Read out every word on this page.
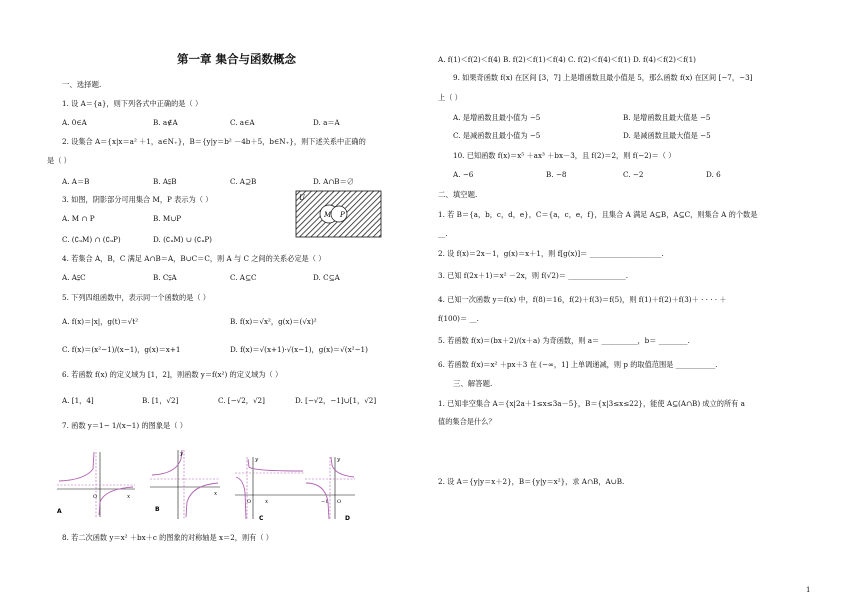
第一章 集合与函数概念
一、选择题.
1. 设 A＝{a}，则下列各式中正确的是（ ）
A. 0∈A	B. a∉A	C. a∈A	D. a＝A
2. 设集合 A＝{x|x＝a² ＋1，a∈N₊}，B＝{y|y＝b² －4b＋5，b∈N₊}，则下述关系中正确的
是（ ）
A. A＝B	B. A⫋B	C. A⊇B	D. A∩B＝∅
3. 如图，阴影部分可用集合 M，P 表示为（ ）
A. M ∩ P	B. M∪P
C. (∁ᵤM) ∩ (∁ᵤP)	D. (∁ᵤM) ∪ (∁ᵤP)
4. 若集合 A，B，C 满足 A∩B＝A，B∪C＝C，则 A 与 C 之间的关系必定是（ ）
A. A⫋C	B. C⫋A	C. A⊆C	D. C⊆A
5. 下列四组函数中，表示同一个函数的是（ ）
A. f(x)＝|x|，g(t)＝√t²	B. f(x)＝√x²，g(x)＝(√x)²
C. f(x)＝(x²−1)/(x−1)，g(x)＝x+1	D. f(x)＝√(x+1)·√(x−1)，g(x)＝√(x²−1)
6. 若函数 f(x) 的定义域为 [1，2]，则函数 y＝f(x²) 的定义域为（ ）
A. [1，4]	B. [1，√2]	C. [−√2，√2]	D. [−√2，−1]∪[1，√2]
7. 函数 y＝1− 1/(x−1) 的图象是（ ）
8. 若二次函数 y＝x² ＋bx＋c 的图象的对称轴是 x＝2，则有（ ）
U
M P
A
x
O
B
y
x
y
x
O
C
y
−1 O
D
A. f(1)＜f(2)＜f(4) B. f(2)＜f(1)＜f(4) C. f(2)＜f(4)＜f(1) D. f(4)＜f(2)＜f(1)
9. 如果奇函数 f(x) 在区间 [3，7] 上是增函数且最小值是 5，那么函数 f(x) 在区间 [−7，−3]
上（ ）
A. 是增函数且最小值为 −5	B. 是增函数且最大值是 −5
C. 是减函数且最小值为 −5	D. 是减函数且最大值是 −5
10. 已知函数 f(x)＝x⁵ ＋ax³ ＋bx－3，且 f(2)＝2，则 f(−2)＝（ ）
A. −6	B. −8	C. −2	D. 6
二、填空题.
1. 若 B＝{a，b，c，d，e}，C＝{a，c，e，f}，且集合 A 满足 A⊆B，A⊆C，则集合 A 的个数是
__.
2. 设 f(x)＝2x－1，g(x)＝x＋1，则 f[g(x)]＝ ____________________.
3. 已知 f(2x＋1)＝x² －2x，则 f(√2)＝ ________________.
4. 已知一次函数 y＝f(x) 中，f(8)＝16，f(2)＋f(3)＝f(5)，则 f(1)＋f(2)＋f(3)＋ · · · · ＋
f(100)＝ __.
5. 若函数 f(x)＝(bx＋2)/(x＋a) 为奇函数，则 a＝ __________，b＝ ________.
6. 若函数 f(x)＝x² ＋px＋3 在 (−∞，1] 上单调递减，则 p 的取值范围是 ___________.
三、解答题.
1. 已知非空集合 A＝{x|2a＋1≤x≤3a－5}，B＝{x|3≤x≤22}，能使 A⊆(A∩B) 成立的所有 a
值的集合是什么？
2. 设 A＝{y|y＝x＋2}，B＝{y|y＝x²}，求 A∩B，A∪B.
1
